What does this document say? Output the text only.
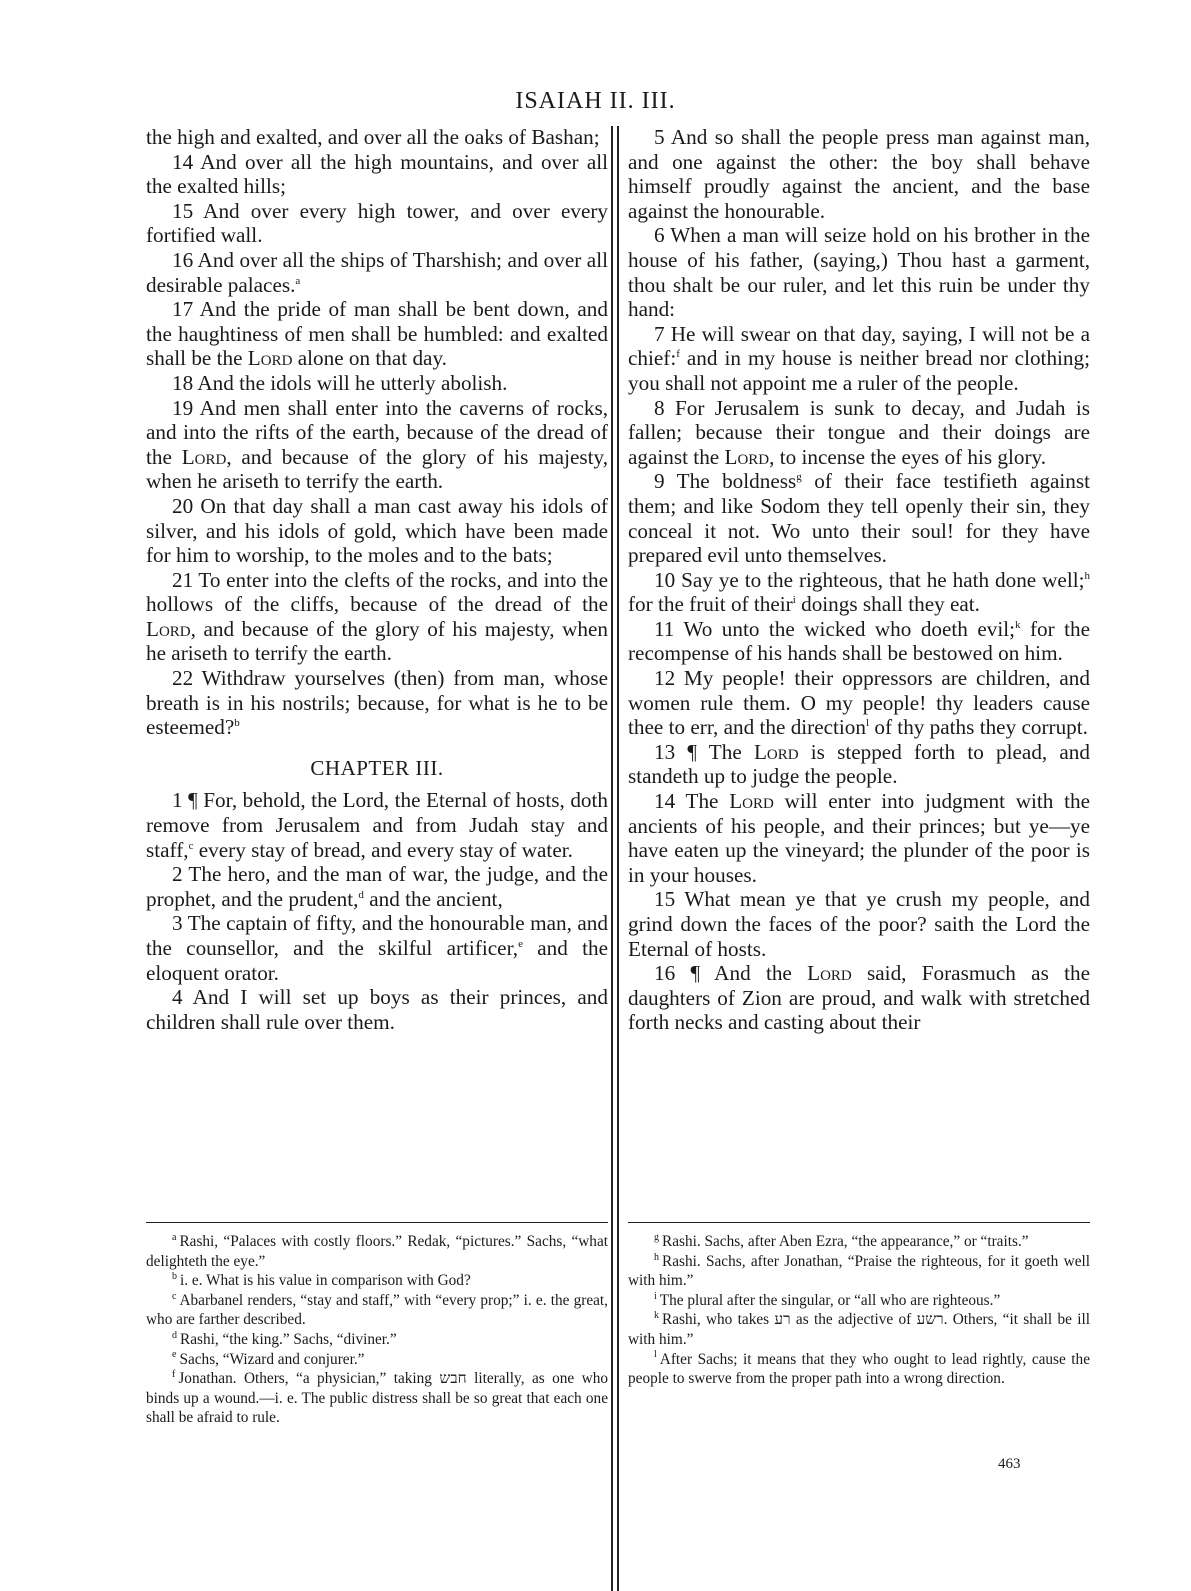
ISAIAH II. III.

the high and exalted, and over all the oaks of Bashan;

14 And over all the high mountains, and over all the exalted hills;

15 And over every high tower, and over every fortified wall.

16 And over all the ships of Tharshish; and over all desirable palaces.$^a$

17 And the pride of man shall be bent down, and the haughtiness of men shall be humbled: and exalted shall be the Lord alone on that day.

18 And the idols will he utterly abolish.

19 And men shall enter into the caverns of rocks, and into the rifts of the earth, because of the dread of the Lord, and because of the glory of his majesty, when he ariseth to terrify the earth.

20 On that day shall a man cast away his idols of silver, and his idols of gold, which have been made for him to worship, to the moles and to the bats;

21 To enter into the clefts of the rocks, and into the hollows of the cliffs, because of the dread of the Lord, and because of the glory of his majesty, when he ariseth to terrify the earth.

22 Withdraw yourselves (then) from man, whose breath is in his nostrils; because, for what is he to be esteemed?$^b$

CHAPTER III.

1 ¶ For, behold, the Lord, the Eternal of hosts, doth remove from Jerusalem and from Judah stay and staff,$^c$ every stay of bread, and every stay of water.

2 The hero, and the man of war, the judge, and the prophet, and the prudent,$^d$ and the ancient,

3 The captain of fifty, and the honourable man, and the counsellor, and the skilful artificer,$^e$ and the eloquent orator.

4 And I will set up boys as their princes, and children shall rule over them.

5 And so shall the people press man against man, and one against the other: the boy shall behave himself proudly against the ancient, and the base against the honourable.

6 When a man will seize hold on his brother in the house of his father, (saying,) Thou hast a garment, thou shalt be our ruler, and let this ruin be under thy hand:

7 He will swear on that day, saying, I will not be a chief:$^f$ and in my house is neither bread nor clothing; you shall not appoint me a ruler of the people.

8 For Jerusalem is sunk to decay, and Judah is fallen; because their tongue and their doings are against the Lord, to incense the eyes of his glory.

9 The boldness$^g$ of their face testifieth against them; and like Sodom they tell openly their sin, they conceal it not. Wo unto their soul! for they have prepared evil unto themselves.

10 Say ye to the righteous, that he hath done well;$^h$ for the fruit of their$^i$ doings shall they eat.

11 Wo unto the wicked who doeth evil;$^k$ for the recompense of his hands shall be bestowed on him.

12 My people! their oppressors are children, and women rule them. O my people! thy leaders cause thee to err, and the direction$^l$ of thy paths they corrupt.

13 ¶ The Lord is stepped forth to plead, and standeth up to judge the people.

14 The Lord will enter into judgment with the ancients of his people, and their princes; but ye—ye have eaten up the vineyard; the plunder of the poor is in your houses.

15 What mean ye that ye crush my people, and grind down the faces of the poor? saith the Lord the Eternal of hosts.

16 ¶ And the Lord said, Forasmuch as the daughters of Zion are proud, and walk with stretched forth necks and casting about their

$^a$ Rashi, “Palaces with costly floors.” Redak, “pictures.” Sachs, “what delighteth the eye.”

$^b$ i. e. What is his value in comparison with God?

$^c$ Abarbanel renders, “stay and staff,” with “every prop;” i. e. the great, who are farther described.

$^d$ Rashi, “the king.” Sachs, “diviner.”

$^e$ Sachs, “Wizard and conjurer.”

$^f$ Jonathan. Others, “a physician,” taking חבש literally, as one who binds up a wound.—i. e. The public distress shall be so great that each one shall be afraid to rule.

$^g$ Rashi. Sachs, after Aben Ezra, “the appearance,” or “traits.”

$^h$ Rashi. Sachs, after Jonathan, “Praise the righteous, for it goeth well with him.”

$^i$ The plural after the singular, or “all who are righteous.”

$^k$ Rashi, who takes רע as the adjective of רשע. Others, “it shall be ill with him.”

$^l$ After Sachs; it means that they who ought to lead rightly, cause the people to swerve from the proper path into a wrong direction.

463
